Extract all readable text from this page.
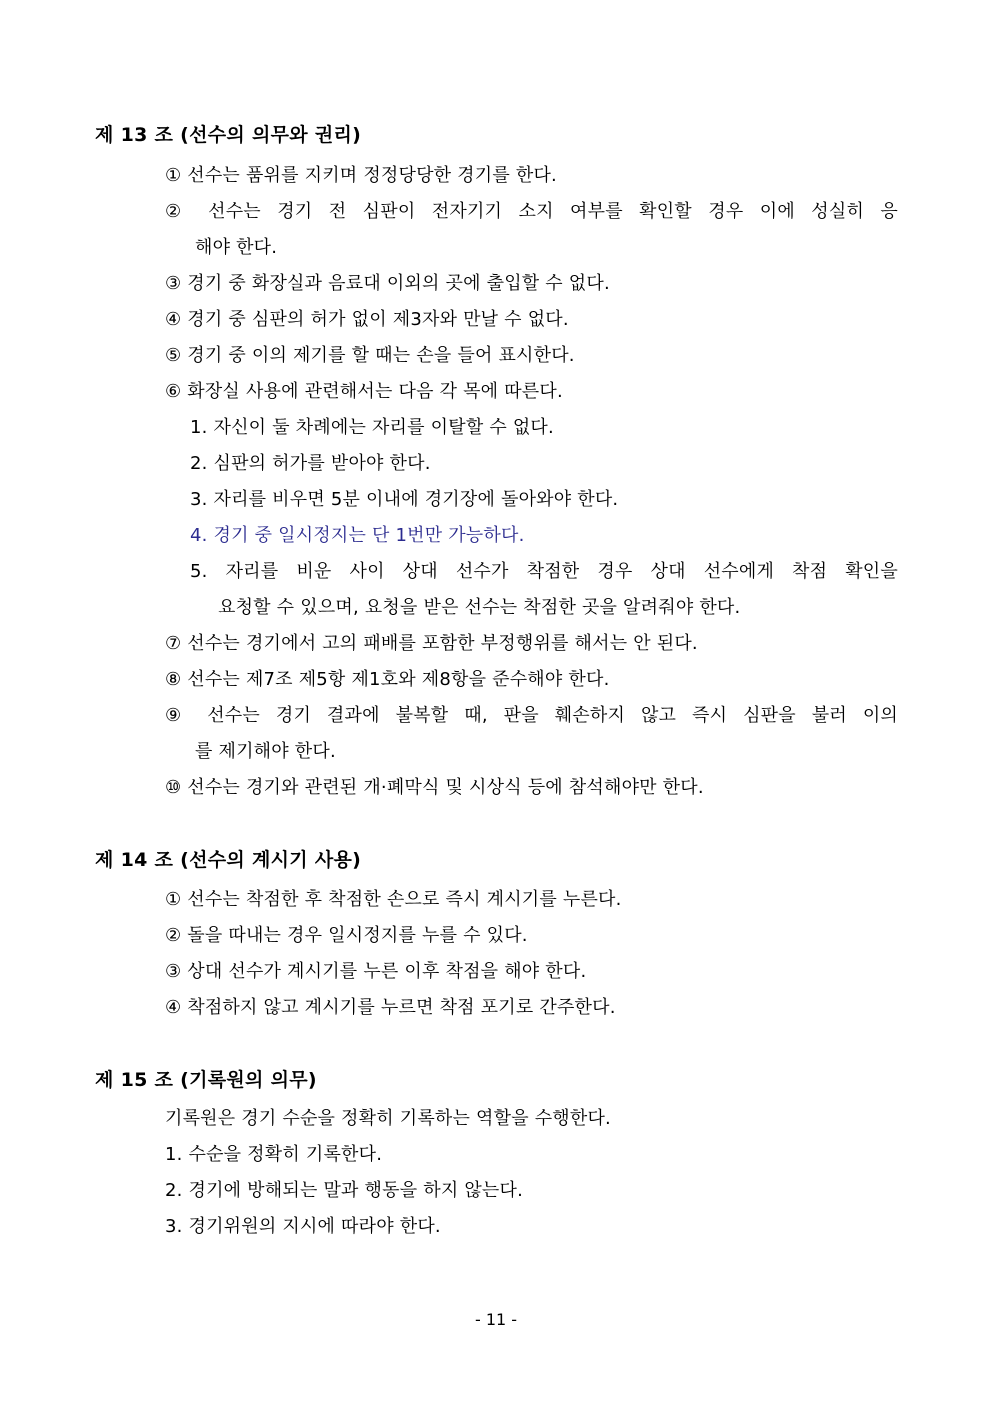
제 13 조 (선수의 의무와 권리)
① 선수는 품위를 지키며 정정당당한 경기를 한다.
② 선수는 경기 전 심판이 전자기기 소지 여부를 확인할 경우 이에 성실히 응
해야 한다.
③ 경기 중 화장실과 음료대 이외의 곳에 출입할 수 없다.
④ 경기 중 심판의 허가 없이 제3자와 만날 수 없다.
⑤ 경기 중 이의 제기를 할 때는 손을 들어 표시한다.
⑥ 화장실 사용에 관련해서는 다음 각 목에 따른다.
1. 자신이 둘 차례에는 자리를 이탈할 수 없다.
2. 심판의 허가를 받아야 한다.
3. 자리를 비우면 5분 이내에 경기장에 돌아와야 한다.
4. 경기 중 일시정지는 단 1번만 가능하다.
5. 자리를 비운 사이 상대 선수가 착점한 경우 상대 선수에게 착점 확인을
요청할 수 있으며, 요청을 받은 선수는 착점한 곳을 알려줘야 한다.
⑦ 선수는 경기에서 고의 패배를 포함한 부정행위를 해서는 안 된다.
⑧ 선수는 제7조 제5항 제1호와 제8항을 준수해야 한다.
⑨ 선수는 경기 결과에 불복할 때, 판을 훼손하지 않고 즉시 심판을 불러 이의
를 제기해야 한다.
⑩ 선수는 경기와 관련된 개·폐막식 및 시상식 등에 참석해야만 한다.
제 14 조 (선수의 계시기 사용)
① 선수는 착점한 후 착점한 손으로 즉시 계시기를 누른다.
② 돌을 따내는 경우 일시정지를 누를 수 있다.
③ 상대 선수가 계시기를 누른 이후 착점을 해야 한다.
④ 착점하지 않고 계시기를 누르면 착점 포기로 간주한다.
제 15 조 (기록원의 의무)
기록원은 경기 수순을 정확히 기록하는 역할을 수행한다.
1. 수순을 정확히 기록한다.
2. 경기에 방해되는 말과 행동을 하지 않는다.
3. 경기위원의 지시에 따라야 한다.
- 11 -
